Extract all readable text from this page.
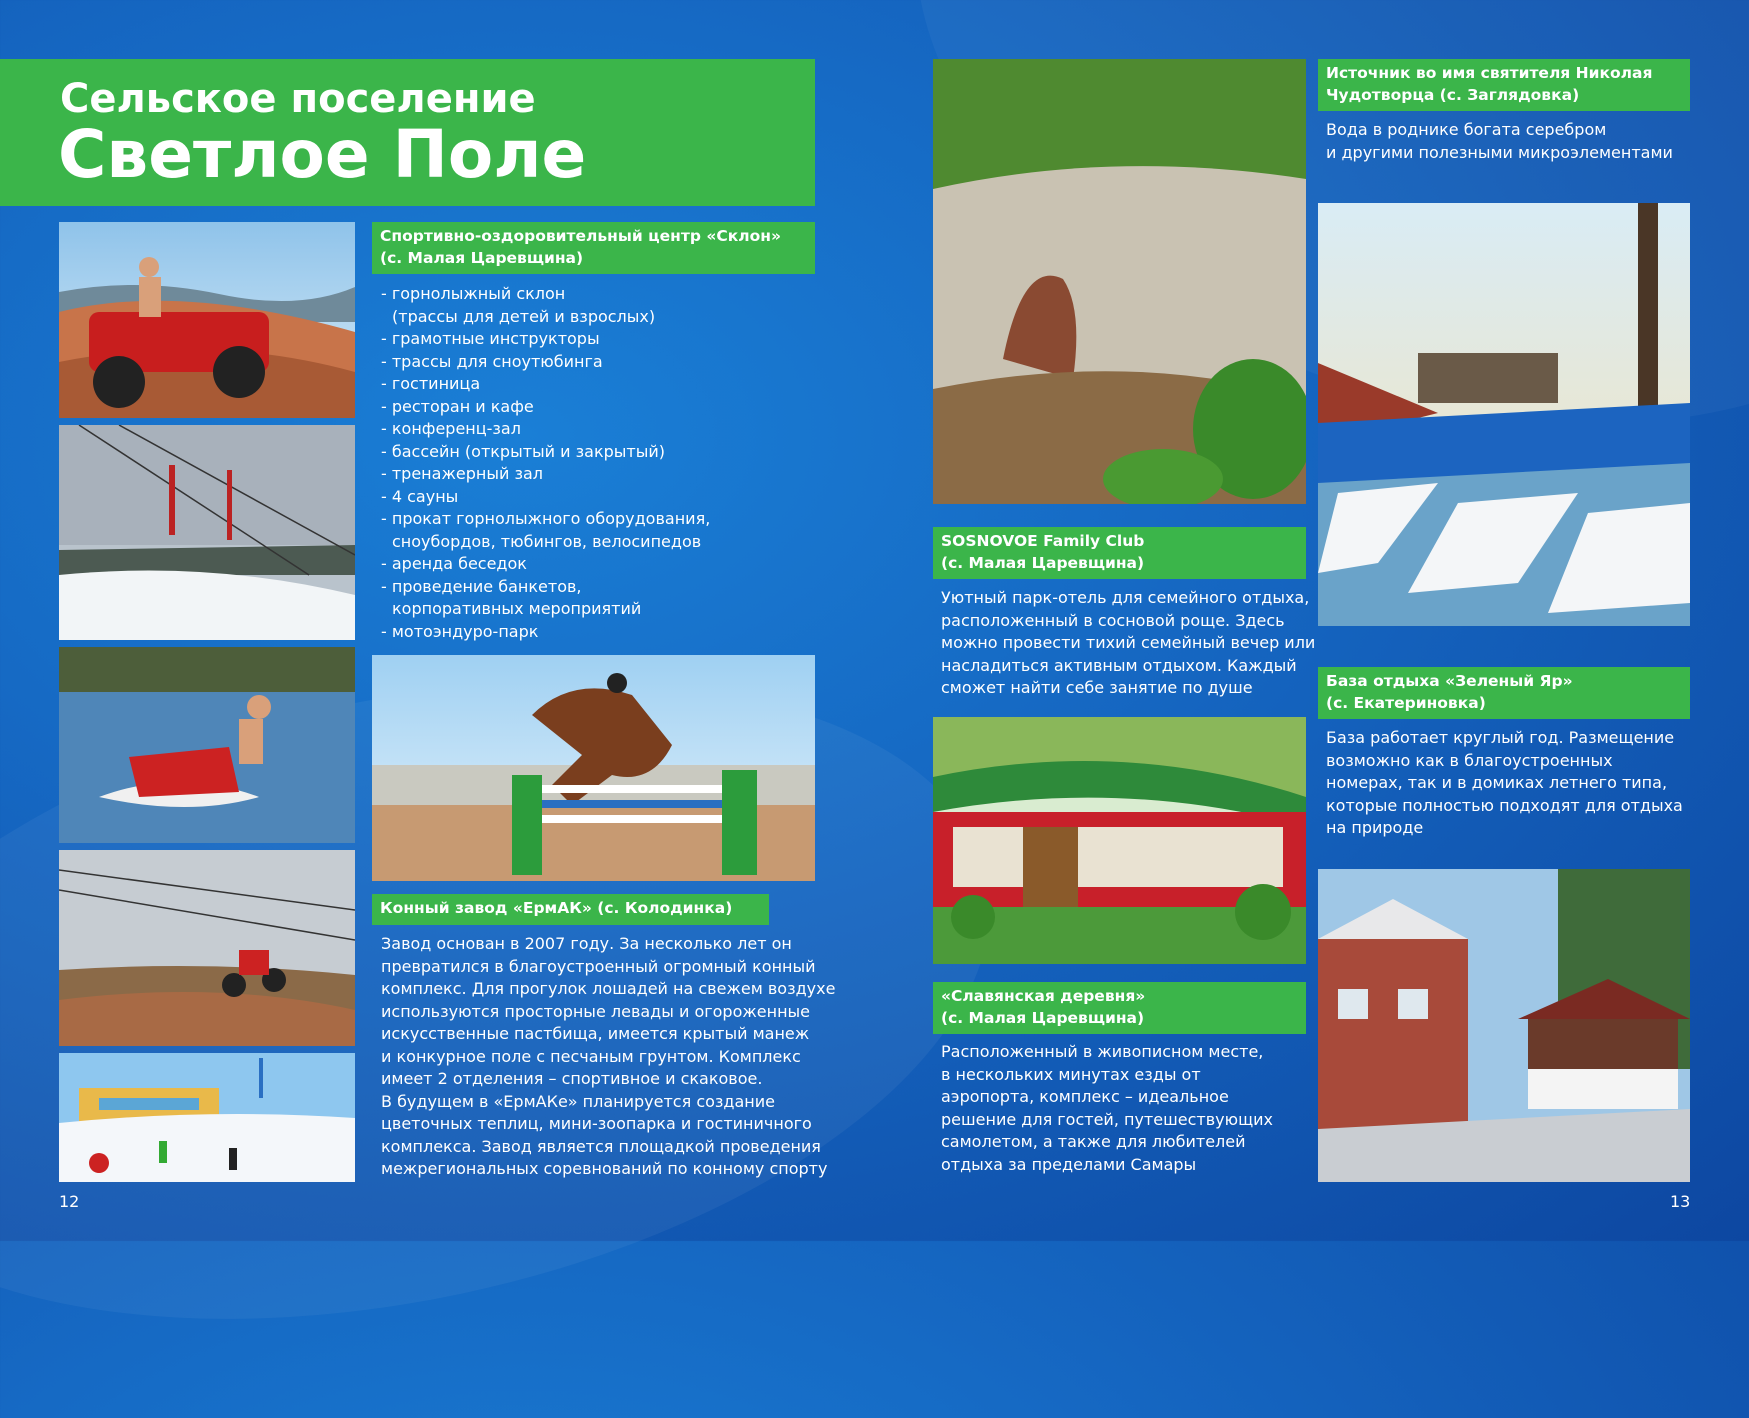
Сельское поселение
Светлое Поле
Спортивно-оздоровительный центр «Склон»
(с. Малая Царевщина)
- горнолыжный склон
(трассы для детей и взрослых)
- грамотные инструкторы
- трассы для сноутюбинга
- гостиница
- ресторан и кафе
- конференц-зал
- бассейн (открытый и закрытый)
- тренажерный зал
- 4 сауны
- прокат горнолыжного оборудования,
сноубордов, тюбингов, велосипедов
- аренда беседок
- проведение банкетов,
корпоративных мероприятий
- мотоэндуро-парк
Конный завод «ЕрмАК» (с. Колодинка)
Завод основан в 2007 году. За несколько лет он
превратился в благоустроенный огромный конный
комплекс. Для прогулок лошадей на свежем воздухе
используются просторные левады и огороженные
искусственные пастбища, имеется крытый манеж
и конкурное поле с песчаным грунтом. Комплекс
имеет 2 отделения – спортивное и скаковое.
В будущем в «ЕрмАКе» планируется создание
цветочных теплиц, мини-зоопарка и гостиничного
комплекса. Завод является площадкой проведения
межрегиональных соревнований по конному спорту
Источник во имя святителя Николая
Чудотворца (с. Заглядовка)
Вода в роднике богата серебром
и другими полезными микроэлементами
SOSNOVOE Family Club
(с. Малая Царевщина)
Уютный парк-отель для семейного отдыха,
расположенный в сосновой роще. Здесь
можно провести тихий семейный вечер или
насладиться активным отдыхом. Каждый
сможет найти себе занятие по душе	База отдыха «Зеленый Яр»
(с. Екатериновка)
База работает круглый год. Размещение
возможно как в благоустроенных
номерах, так и в домиках летнего типа,
которые полностью подходят для отдыха
на природе
«Славянская деревня»
(с. Малая Царевщина)
Расположенный в живописном месте,
в нескольких минутах езды от
аэропорта, комплекс – идеальное
решение для гостей, путешествующих
самолетом, а также для любителей
отдыха за пределами Самары
12	13
